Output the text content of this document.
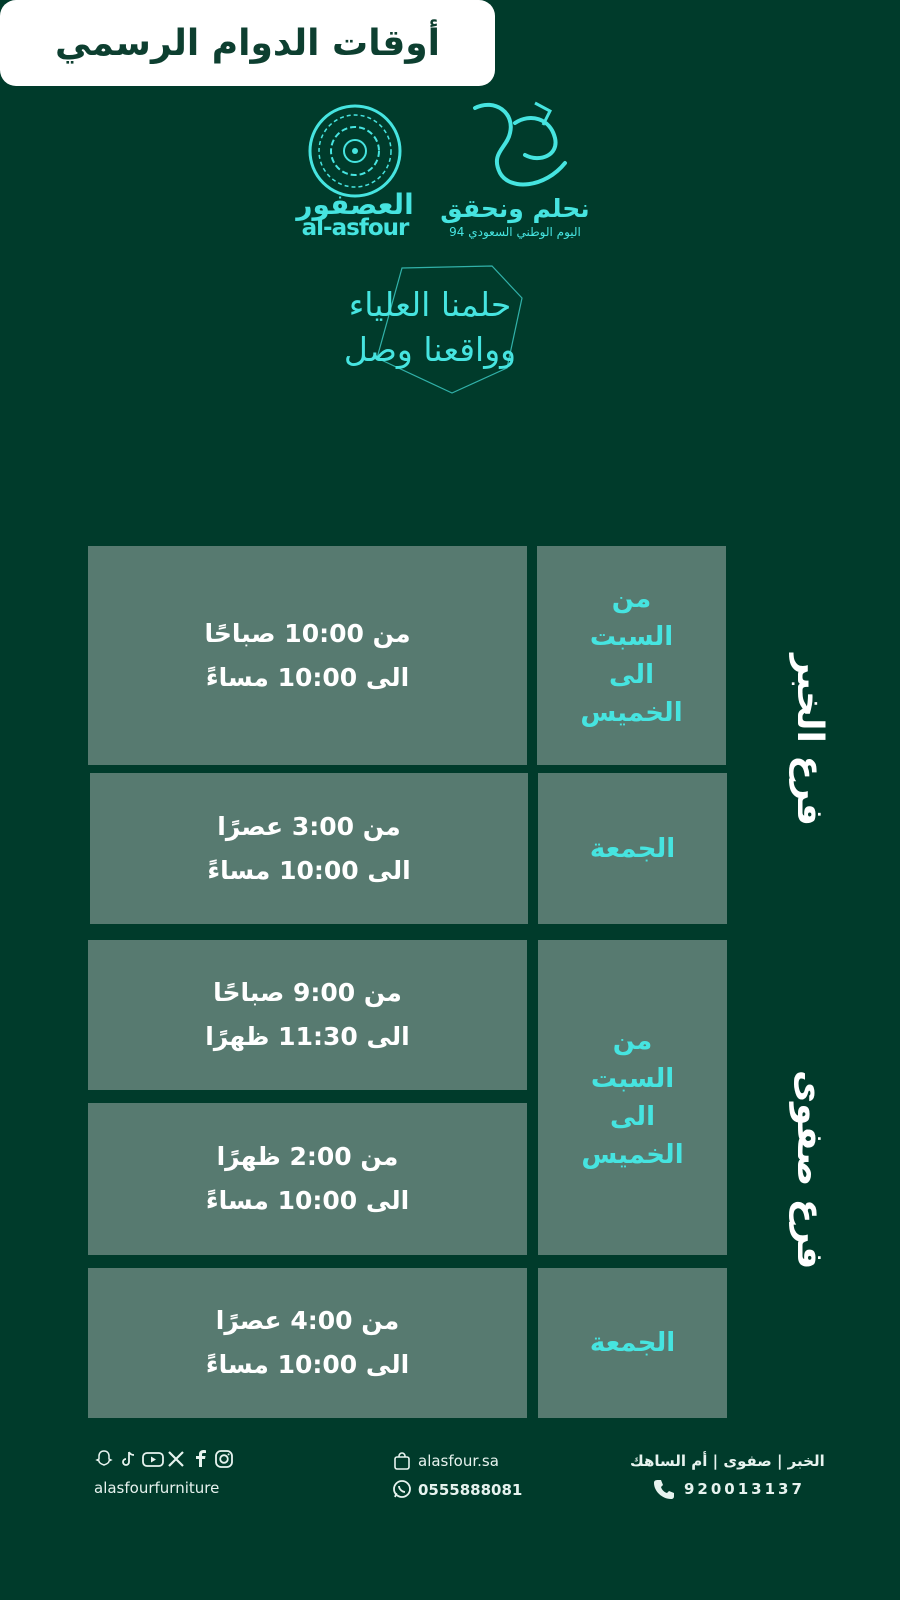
العصفور
al-asfour
نحلم ونحقق
اليوم الوطني السعودي 94
حلمنا العلياء
وواقعنا وصل
أوقات الدوام الرسمي
من 10:00 صباحًا
الى 10:00 مساءً
من
السبت
الى
الخميس
من 3:00 عصرًا
الى 10:00 مساءً
الجمعة
فرع الخبر
من 9:00 صباحًا
الى 11:30 ظهرًا
من 2:00 ظهرًا
الى 10:00 مساءً
من
السبت
الى
الخميس
من 4:00 عصرًا
الى 10:00 مساءً
الجمعة
فرع صفوى
alasfourfurniture
alasfour.sa
0555888081
الخبر | صفوى | أم الساهك
920013137
